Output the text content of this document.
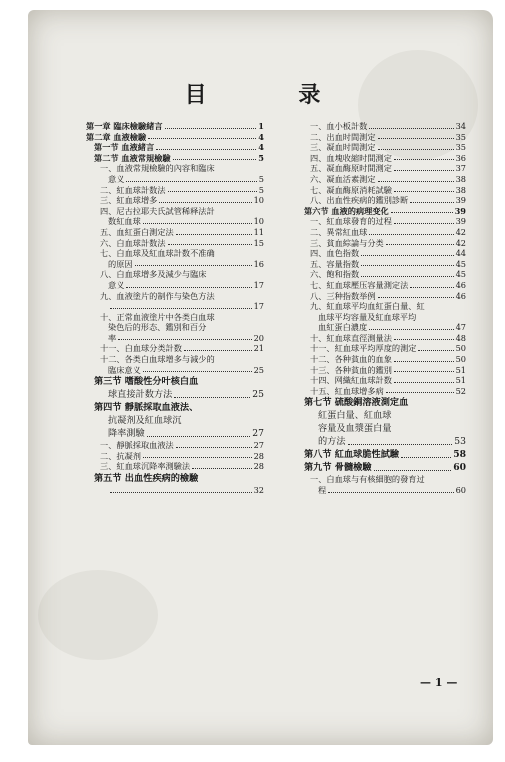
目 录
第一章 臨床檢驗緒言	1
第二章 血液檢驗	4
第一节 血液緒言	4
第二节 血液常規檢驗	5
一、血液常規檢驗的內容和臨床
意义	5
二、紅血球計数法	5
三、紅血球增多	10
四、尼古拉耶夫氏試管稀释法計
数紅血球	10
五、血紅蛋白測定法	11
六、白血球計数法	15
七、白血球及紅血球計数不准确
的原因	16
八、白血球增多及減少与臨床
意义	17
九、血液塗片的制作与染色方法
17
十、正常血液塗片中各类白血球
染色后的形态、鑑別和百分
率	20
十一、白血球分类計数	21
十二、各类白血球增多与減少的
臨床意义	25
第三节 嗜酸性分叶核白血
球直接計数方法	25
第四节 靜脈採取血液法、
抗凝剂及紅血球沉
降率測驗	27
一、靜脈採取血液法	27
二、抗凝剂	28
三、紅血球沉降率測驗法	28
第五节 出血性疾病的檢驗
32
一、血小板計数	34
二、出血时間測定	35
三、凝血时間測定	35
四、血塊收縮时間測定	36
五、凝血酶原时間測定	37
六、凝血活素測定	38
七、凝血酶原消耗試驗	38
八、出血性疾病的鑑別診断	39
第六节 血液的病理变化	39
一、紅血球發育的过程	39
二、異常紅血球	42
三、貧血綜論与分类	42
四、血色指数	44
五、容量指数	45
六、飽和指数	45
七、紅血球壓压容量測定法	46
八、三种指数举例	46
九、紅血球平均血紅蛋白量、紅
血球平均容量及紅血球平均
血紅蛋白濃度	47
十、紅血球直徑測量法	48
十一、紅血球平均厚度的測定	50
十二、各种貧血的血象	50
十三、各种貧血的鑑別	51
十四、网織紅血球計数	51
十五、紅血球增多病	52
第七节 硫酸銅溶液測定血
紅蛋白量、紅血球
容量及血漿蛋白量
的方法	53
第八节 紅血球脆性試驗	58
第九节 骨髓檢驗	60
一、白血球与有核細胞的發育过
程	60
— 1 —
